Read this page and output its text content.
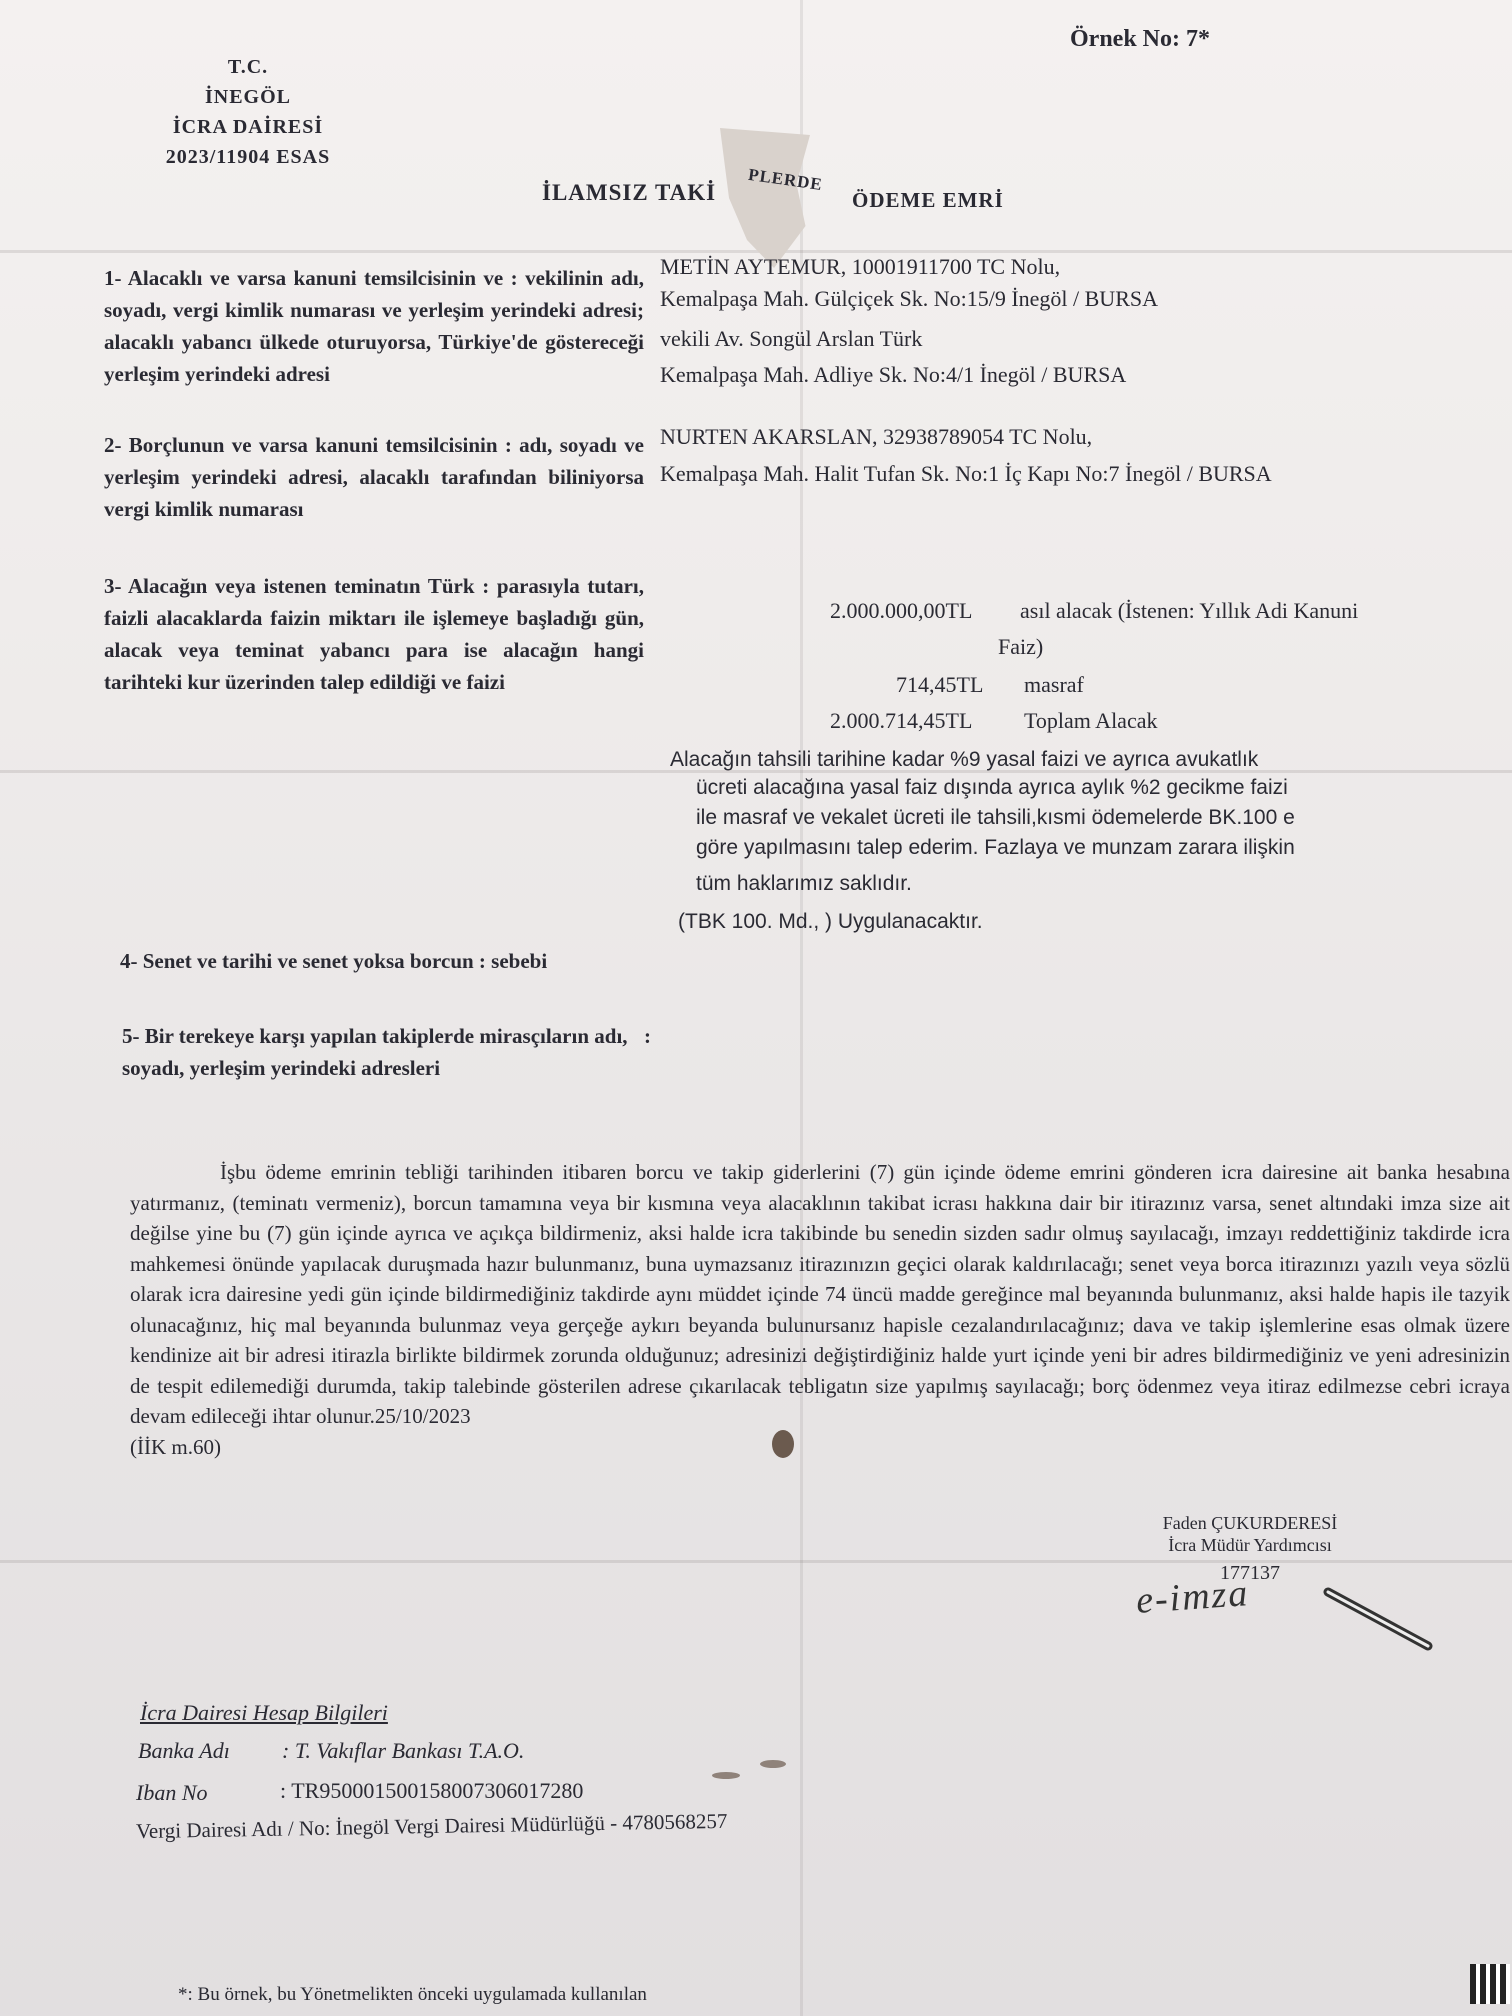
T.C.
İNEGÖL
İCRA DAİRESİ
2023/11904 ESAS
Örnek No: 7*
İLAMSIZ TAKİ PLERDE
ÖDEME EMRİ
1- Alacaklı ve varsa kanuni temsilcisinin ve : vekilinin adı, soyadı, vergi kimlik numarası ve yerleşim yerindeki adresi; alacaklı yabancı ülkede oturuyorsa, Türkiye'de göstereceği yerleşim yerindeki adresi
METİN AYTEMUR, 10001911700 TC Nolu,
Kemalpaşa Mah. Gülçiçek Sk. No:15/9 İnegöl / BURSA
vekili Av. Songül Arslan Türk
Kemalpaşa Mah. Adliye Sk. No:4/1 İnegöl / BURSA
2- Borçlunun ve varsa kanuni temsilcisinin : adı, soyadı ve yerleşim yerindeki adresi, alacaklı tarafından biliniyorsa vergi kimlik numarası
NURTEN AKARSLAN, 32938789054 TC Nolu,
Kemalpaşa Mah. Halit Tufan Sk. No:1 İç Kapı No:7 İnegöl / BURSA
3- Alacağın veya istenen teminatın Türk : parasıyla tutarı, faizli alacaklarda faizin miktarı ile işlemeye başladığı gün, alacak veya teminat yabancı para ise alacağın hangi tarihteki kur üzerinden talep edildiği ve faizi
2.000.000,00TL asıl alacak (İstenen: Yıllık Adi Kanuni
Faiz)
714,45TL masraf
2.000.714,45TL Toplam Alacak
Alacağın tahsili tarihine kadar %9 yasal faizi ve ayrıca avukatlık
ücreti alacağına yasal faiz dışında ayrıca aylık %2 gecikme faizi
ile masraf ve vekalet ücreti ile tahsili,kısmi ödemelerde BK.100 e
göre yapılmasını talep ederim. Fazlaya ve munzam zarara ilişkin
tüm haklarımız saklıdır.
(TBK 100. Md., ) Uygulanacaktır.
4- Senet ve tarihi ve senet yoksa borcun : sebebi
5- Bir terekeye karşı yapılan takiplerde mirasçıların adı, soyadı, yerleşim yerindeki adresleri
:
İşbu ödeme emrinin tebliği tarihinden itibaren borcu ve takip giderlerini (7) gün içinde ödeme emrini gönderen icra dairesine ait banka hesabına yatırmanız, (teminatı vermeniz), borcun tamamına veya bir kısmına veya alacaklının takibat icrası hakkına dair bir itirazınız varsa, senet altındaki imza size ait değilse yine bu (7) gün içinde ayrıca ve açıkça bildirmeniz, aksi halde icra takibinde bu senedin sizden sadır olmuş sayılacağı, imzayı reddettiğiniz takdirde icra mahkemesi önünde yapılacak duruşmada hazır bulunmanız, buna uymazsanız itirazınızın geçici olarak kaldırılacağı; senet veya borca itirazınızı yazılı veya sözlü olarak icra dairesine yedi gün içinde bildirmediğiniz takdirde aynı müddet içinde 74 üncü madde gereğince mal beyanında bulunmanız, aksi halde hapis ile tazyik olunacağınız, hiç mal beyanında bulunmaz veya gerçeğe aykırı beyanda bulunursanız hapisle cezalandırılacağınız; dava ve takip işlemlerine esas olmak üzere kendinize ait bir adresi itirazla birlikte bildirmek zorunda olduğunuz; adresinizi değiştirdiğiniz halde yurt içinde yeni bir adres bildirmediğiniz ve yeni adresinizin de tespit edilemediği durumda, takip talebinde gösterilen adrese çıkarılacak tebligatın size yapılmış sayılacağı; borç ödenmez veya itiraz edilmezse cebri icraya devam edileceği ihtar olunur.25/10/2023
(İİK m.60)
Faden ÇUKURDERESİ
İcra Müdür Yardımcısı
177137
e-imza
İcra Dairesi Hesap Bilgileri
Banka Adı : T. Vakıflar Bankası T.A.O.
Iban No	: TR950001500158007306017280
Vergi Dairesi Adı / No: İnegöl Vergi Dairesi Müdürlüğü - 4780568257
*: Bu örnek, bu Yönetmelikten önceki uygulamada kullanılan
